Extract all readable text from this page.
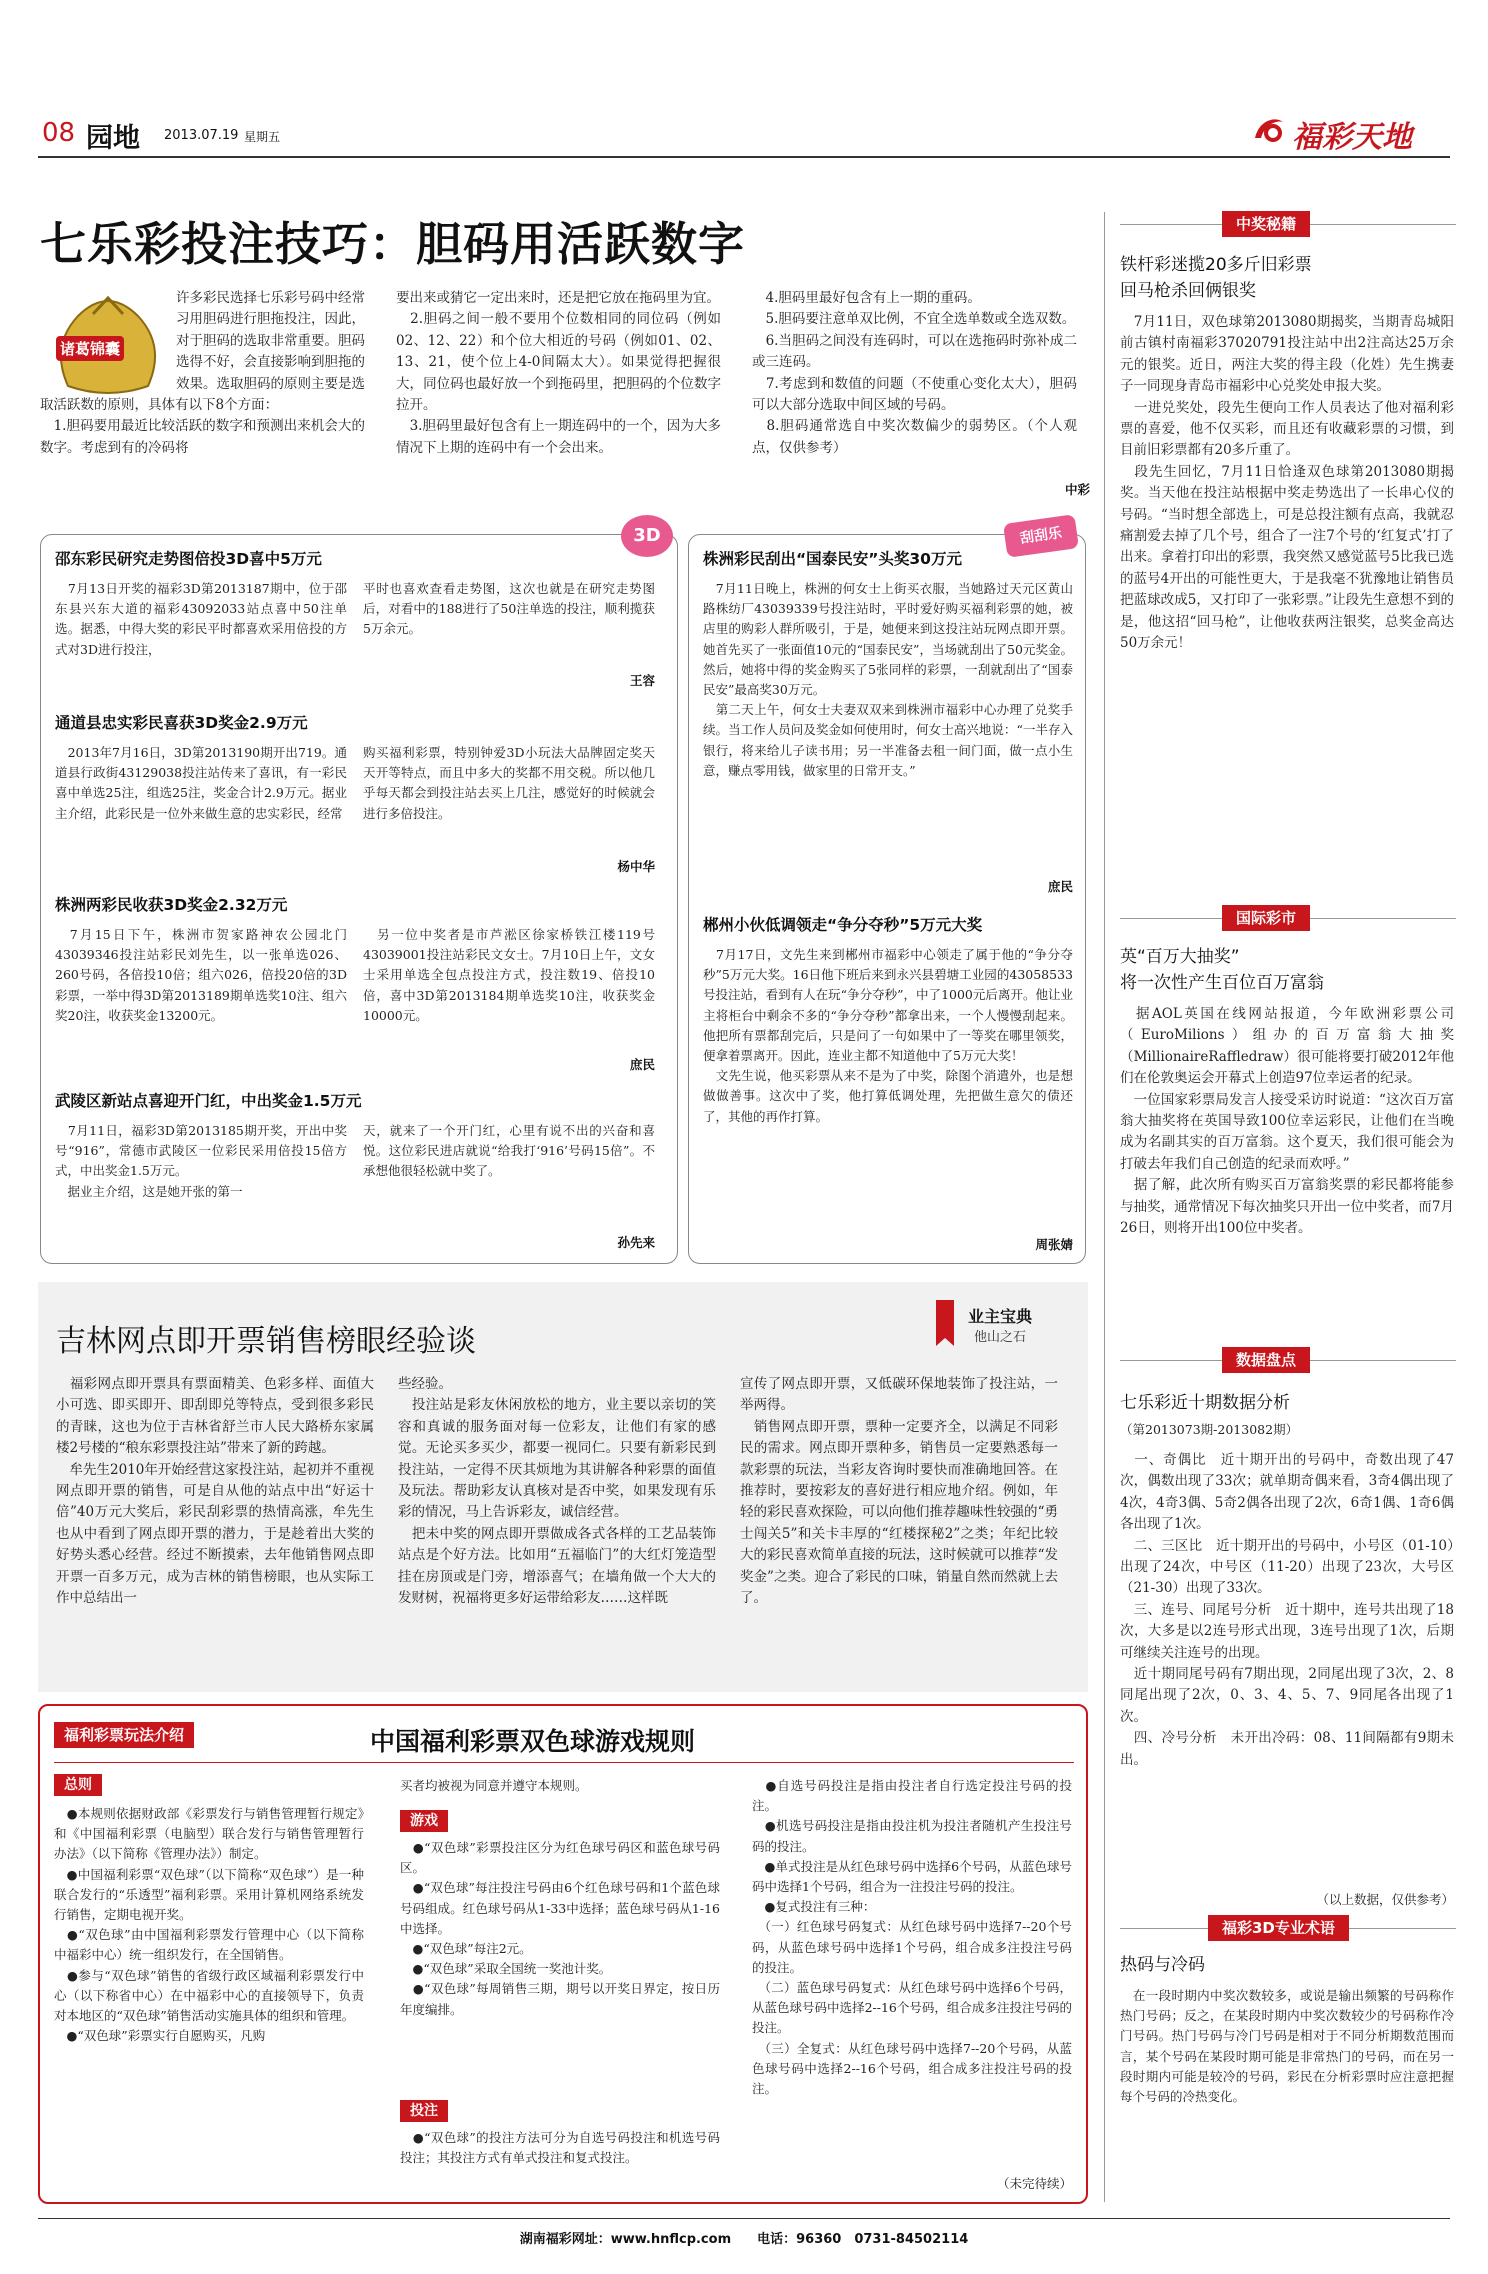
08 园地 2013.07.19 星期五	福彩天地
七乐彩投注技巧：胆码用活跃数字
诸葛锦囊
许多彩民选择七乐彩号码中经常习用胆码进行胆拖投注，因此，对于胆码的选取非常重要。胆码选得不好，会直接影响到胆拖的效果。选取胆码的原则主要是选取活跃数的原则，具体有以下8个方面：
　1.胆码要用最近比较活跃的数字和预测出来机会大的数字。考虑到有的冷码将
要出来或猜它一定出来时，还是把它放在拖码里为宜。
　2.胆码之间一般不要用个位数相同的同位码（例如02、12、22）和个位大相近的号码（例如01、02、13、21，使个位上4-0间隔太大）。如果觉得把握很大，同位码也最好放一个到拖码里，把胆码的个位数字拉开。
　3.胆码里最好包含有上一期连码中的一个，因为大多情况下上期的连码中有一个会出来。
　4.胆码里最好包含有上一期的重码。
　5.胆码要注意单双比例，不宜全选单数或全选双数。
　6.当胆码之间没有连码时，可以在选拖码时弥补成二或三连码。
　7.考虑到和数值的问题（不使重心变化太大），胆码可以大部分选取中间区域的号码。
　8.胆码通常选自中奖次数偏少的弱势区。（个人观点，仅供参考）
中彩
3D
邵东彩民研究走势图倍投3D喜中5万元
　7月13日开奖的福彩3D第2013187期中，位于邵东县兴东大道的福彩43092033站点喜中50注单选。据悉，中得大奖的彩民平时都喜欢采用倍投的方式对3D进行投注，
平时也喜欢查看走势图，这次也就是在研究走势图后，对看中的188进行了50注单选的投注，顺利揽获5万余元。
王容
通道县忠实彩民喜获3D奖金2.9万元
　2013年7月16日，3D第2013190期开出719。通道县行政街43129038投注站传来了喜讯，有一彩民喜中单选25注，组选25注，奖金合计2.9万元。据业主介绍，此彩民是一位外来做生意的忠实彩民，经常
购买福利彩票，特别钟爱3D小玩法大品牌固定奖天天开等特点，而且中多大的奖都不用交税。所以他几乎每天都会到投注站去买上几注，感觉好的时候就会进行多倍投注。
杨中华
株洲两彩民收获3D奖金2.32万元
　7月15日下午，株洲市贺家路神农公园北门43039346投注站彩民刘先生，以一张单选026、260号码，各倍投10倍；组六026，倍投20倍的3D彩票，一举中得3D第2013189期单选奖10注、组六奖20注，收获奖金13200元。
　另一位中奖者是市芦淞区徐家桥铁江楼119号43039001投注站彩民文女士。7月10日上午，文女士采用单选全包点投注方式，投注数19、倍投10倍，喜中3D第2013184期单选奖10注，收获奖金10000元。
庶民
武陵区新站点喜迎开门红，中出奖金1.5万元
　7月11日，福彩3D第2013185期开奖，开出中奖号“916”，常德市武陵区一位彩民采用倍投15倍方式，中出奖金1.5万元。
　据业主介绍，这是她开张的第一
天，就来了一个开门红，心里有说不出的兴奋和喜悦。这位彩民进店就说“给我打‘916’号码15倍”。不承想他很轻松就中奖了。
孙先来
刮刮乐
株洲彩民刮出“国泰民安”头奖30万元
　7月11日晚上，株洲的何女士上街买衣服，当她路过天元区黄山路株纺厂43039339号投注站时，平时爱好购买福利彩票的她，被店里的购彩人群所吸引，于是，她便来到这投注站玩网点即开票。她首先买了一张面值10元的“国泰民安”，当场就刮出了50元奖金。然后，她将中得的奖金购买了5张同样的彩票，一刮就刮出了“国泰民安”最高奖30万元。
　第二天上午，何女士夫妻双双来到株洲市福彩中心办理了兑奖手续。当工作人员问及奖金如何使用时，何女士高兴地说：“一半存入银行，将来给儿子读书用；另一半准备去租一间门面，做一点小生意，赚点零用钱，做家里的日常开支。”
庶民
郴州小伙低调领走“争分夺秒”5万元大奖
　7月17日，文先生来到郴州市福彩中心领走了属于他的“争分夺秒”5万元大奖。16日他下班后来到永兴县碧塘工业园的43058533号投注站，看到有人在玩“争分夺秒”，中了1000元后离开。他让业主将柜台中剩余不多的“争分夺秒”都拿出来，一个人慢慢刮起来。他把所有票都刮完后，只是问了一句如果中了一等奖在哪里领奖，便拿着票离开。因此，连业主都不知道他中了5万元大奖！
　文先生说，他买彩票从来不是为了中奖，除图个消遣外，也是想做做善事。这次中了奖，他打算低调处理，先把做生意欠的债还了，其他的再作打算。
周张婧
吉林网点即开票销售榜眼经验谈
业主宝典
他山之石
　福彩网点即开票具有票面精美、色彩多样、面值大小可选、即买即开、即刮即兑等特点，受到很多彩民的青睐，这也为位于吉林省舒兰市人民大路桥东家属楼2号楼的“稂东彩票投注站”带来了新的跨越。
　牟先生2010年开始经营这家投注站，起初并不重视网点即开票的销售，可是自从他的站点中出“好运十倍”40万元大奖后，彩民刮彩票的热情高涨，牟先生也从中看到了网点即开票的潜力，于是趁着出大奖的好势头悉心经营。经过不断摸索，去年他销售网点即开票一百多万元，成为吉林的销售榜眼，也从实际工作中总结出一
些经验。
　投注站是彩友休闲放松的地方，业主要以亲切的笑容和真诚的服务面对每一位彩友，让他们有家的感觉。无论买多买少，都要一视同仁。只要有新彩民到投注站，一定得不厌其烦地为其讲解各种彩票的面值及玩法。帮助彩友认真核对是否中奖，如果发现有乐彩的情况，马上告诉彩友，诚信经营。
　把未中奖的网点即开票做成各式各样的工艺品装饰站点是个好方法。比如用“五福临门”的大红灯笼造型挂在房顶或是门旁，增添喜气；在墙角做一个大大的发财树，祝福将更多好运带给彩友……这样既
宣传了网点即开票，又低碳环保地装饰了投注站，一举两得。
　销售网点即开票，票种一定要齐全，以满足不同彩民的需求。网点即开票种多，销售员一定要熟悉每一款彩票的玩法，当彩友咨询时要快而准确地回答。在推荐时，要按彩友的喜好进行相应地介绍。例如，年轻的彩民喜欢探险，可以向他们推荐趣味性较强的“勇士闯关5”和关卡丰厚的“红楼探秘2”之类；年纪比较大的彩民喜欢简单直接的玩法，这时候就可以推荐“发奖金”之类。迎合了彩民的口味，销量自然而然就上去了。
福利彩票玩法介绍	中国福利彩票双色球游戏规则
总则
　●本规则依据财政部《彩票发行与销售管理暂行规定》和《中国福利彩票（电脑型）联合发行与销售管理暂行办法》（以下简称《管理办法》）制定。
　●中国福利彩票“双色球”（以下简称“双色球”）是一种联合发行的“乐透型”福利彩票。采用计算机网络系统发行销售，定期电视开奖。
　●“双色球”由中国福利彩票发行管理中心（以下简称中福彩中心）统一组织发行，在全国销售。
　●参与“双色球”销售的省级行政区域福利彩票发行中心（以下称省中心）在中福彩中心的直接领导下，负责对本地区的“双色球”销售活动实施具体的组织和管理。
　●“双色球”彩票实行自愿购买，凡购
买者均被视为同意并遵守本规则。
游戏
　●“双色球”彩票投注区分为红色球号码区和蓝色球号码区。
　●“双色球”每注投注号码由6个红色球号码和1个蓝色球号码组成。红色球号码从1-33中选择；蓝色球号码从1-16中选择。
　●“双色球”每注2元。
　●“双色球”采取全国统一奖池计奖。
　●“双色球”每周销售三期，期号以开奖日界定，按日历年度编排。
投注
　●“双色球”的投注方法可分为自选号码投注和机选号码投注；其投注方式有单式投注和复式投注。
　●自选号码投注是指由投注者自行选定投注号码的投注。
　●机选号码投注是指由投注机为投注者随机产生投注号码的投注。
　●单式投注是从红色球号码中选择6个号码，从蓝色球号码中选择1个号码，组合为一注投注号码的投注。
　●复式投注有三种：
　（一）红色球号码复式：从红色球号码中选择7--20个号码，从蓝色球号码中选择1个号码，组合成多注投注号码的投注。
　（二）蓝色球号码复式：从红色球号码中选择6个号码，从蓝色球号码中选择2--16个号码，组合成多注投注号码的投注。
　（三）全复式：从红色球号码中选择7--20个号码，从蓝色球号码中选择2--16个号码，组合成多注投注号码的投注。
（未完待续）
中奖秘籍
铁杆彩迷揽20多斤旧彩票
回马枪杀回俩银奖
　7月11日，双色球第2013080期揭奖，当期青岛城阳前古镇村南福彩37020791投注站中出2注高达25万余元的银奖。近日，两注大奖的得主段（化姓）先生携妻子一同现身青岛市福彩中心兑奖处申报大奖。
　一进兑奖处，段先生便向工作人员表达了他对福利彩票的喜爱，他不仅买彩，而且还有收藏彩票的习惯，到目前旧彩票都有20多斤重了。
　段先生回忆，7月11日恰逢双色球第2013080期揭奖。当天他在投注站根据中奖走势选出了一长串心仪的号码。“当时想全部选上，可是总投注额有点高，我就忍痛割爱去掉了几个号，组合了一注7个号的‘红复式’打了出来。拿着打印出的彩票，我突然又感觉蓝号5比我已选的蓝号4开出的可能性更大，于是我毫不犹豫地让销售员把蓝球改成5，又打印了一张彩票。”让段先生意想不到的是，他这招“回马枪”，让他收获两注银奖，总奖金高达50万余元！
国际彩市
英“百万大抽奖”
将一次性产生百位百万富翁
　据AOL英国在线网站报道，今年欧洲彩票公司（EuroMilions）组办的百万富翁大抽奖（MillionaireRaffledraw）很可能将要打破2012年他们在伦敦奥运会开幕式上创造97位幸运者的纪录。
　一位国家彩票局发言人接受采访时说道：“这次百万富翁大抽奖将在英国导致100位幸运彩民，让他们在当晚成为名副其实的百万富翁。这个夏天，我们很可能会为打破去年我们自己创造的纪录而欢呼。”
　据了解，此次所有购买百万富翁奖票的彩民都将能参与抽奖，通常情况下每次抽奖只开出一位中奖者，而7月26日，则将开出100位中奖者。
数据盘点
七乐彩近十期数据分析
（第2013073期-2013082期）
　一、奇偶比　近十期开出的号码中，奇数出现了47次，偶数出现了33次；就单期奇偶来看，3奇4偶出现了4次，4奇3偶、5奇2偶各出现了2次，6奇1偶、1奇6偶各出现了1次。
　二、三区比　近十期开出的号码中，小号区（01-10）出现了24次，中号区（11-20）出现了23次，大号区（21-30）出现了33次。
　三、连号、同尾号分析　近十期中，连号共出现了18次，大多是以2连号形式出现，3连号出现了1次，后期可继续关注连号的出现。
　近十期同尾号码有7期出现，2同尾出现了3次，2、8同尾出现了2次，0、3、4、5、7、9同尾各出现了1次。
　四、冷号分析　未开出冷码：08、11间隔都有9期未出。
（以上数据，仅供参考）
福彩3D专业术语
热码与冷码
　在一段时期内中奖次数较多，或说是输出频繁的号码称作热门号码；反之，在某段时期内中奖次数较少的号码称作冷门号码。热门号码与冷门号码是相对于不同分析期数范围而言，某个号码在某段时期可能是非常热门的号码，而在另一段时期内可能是较冷的号码，彩民在分析彩票时应注意把握每个号码的冷热变化。
湖南福彩网址：www.hnflcp.com　　电话：96360　0731-84502114
